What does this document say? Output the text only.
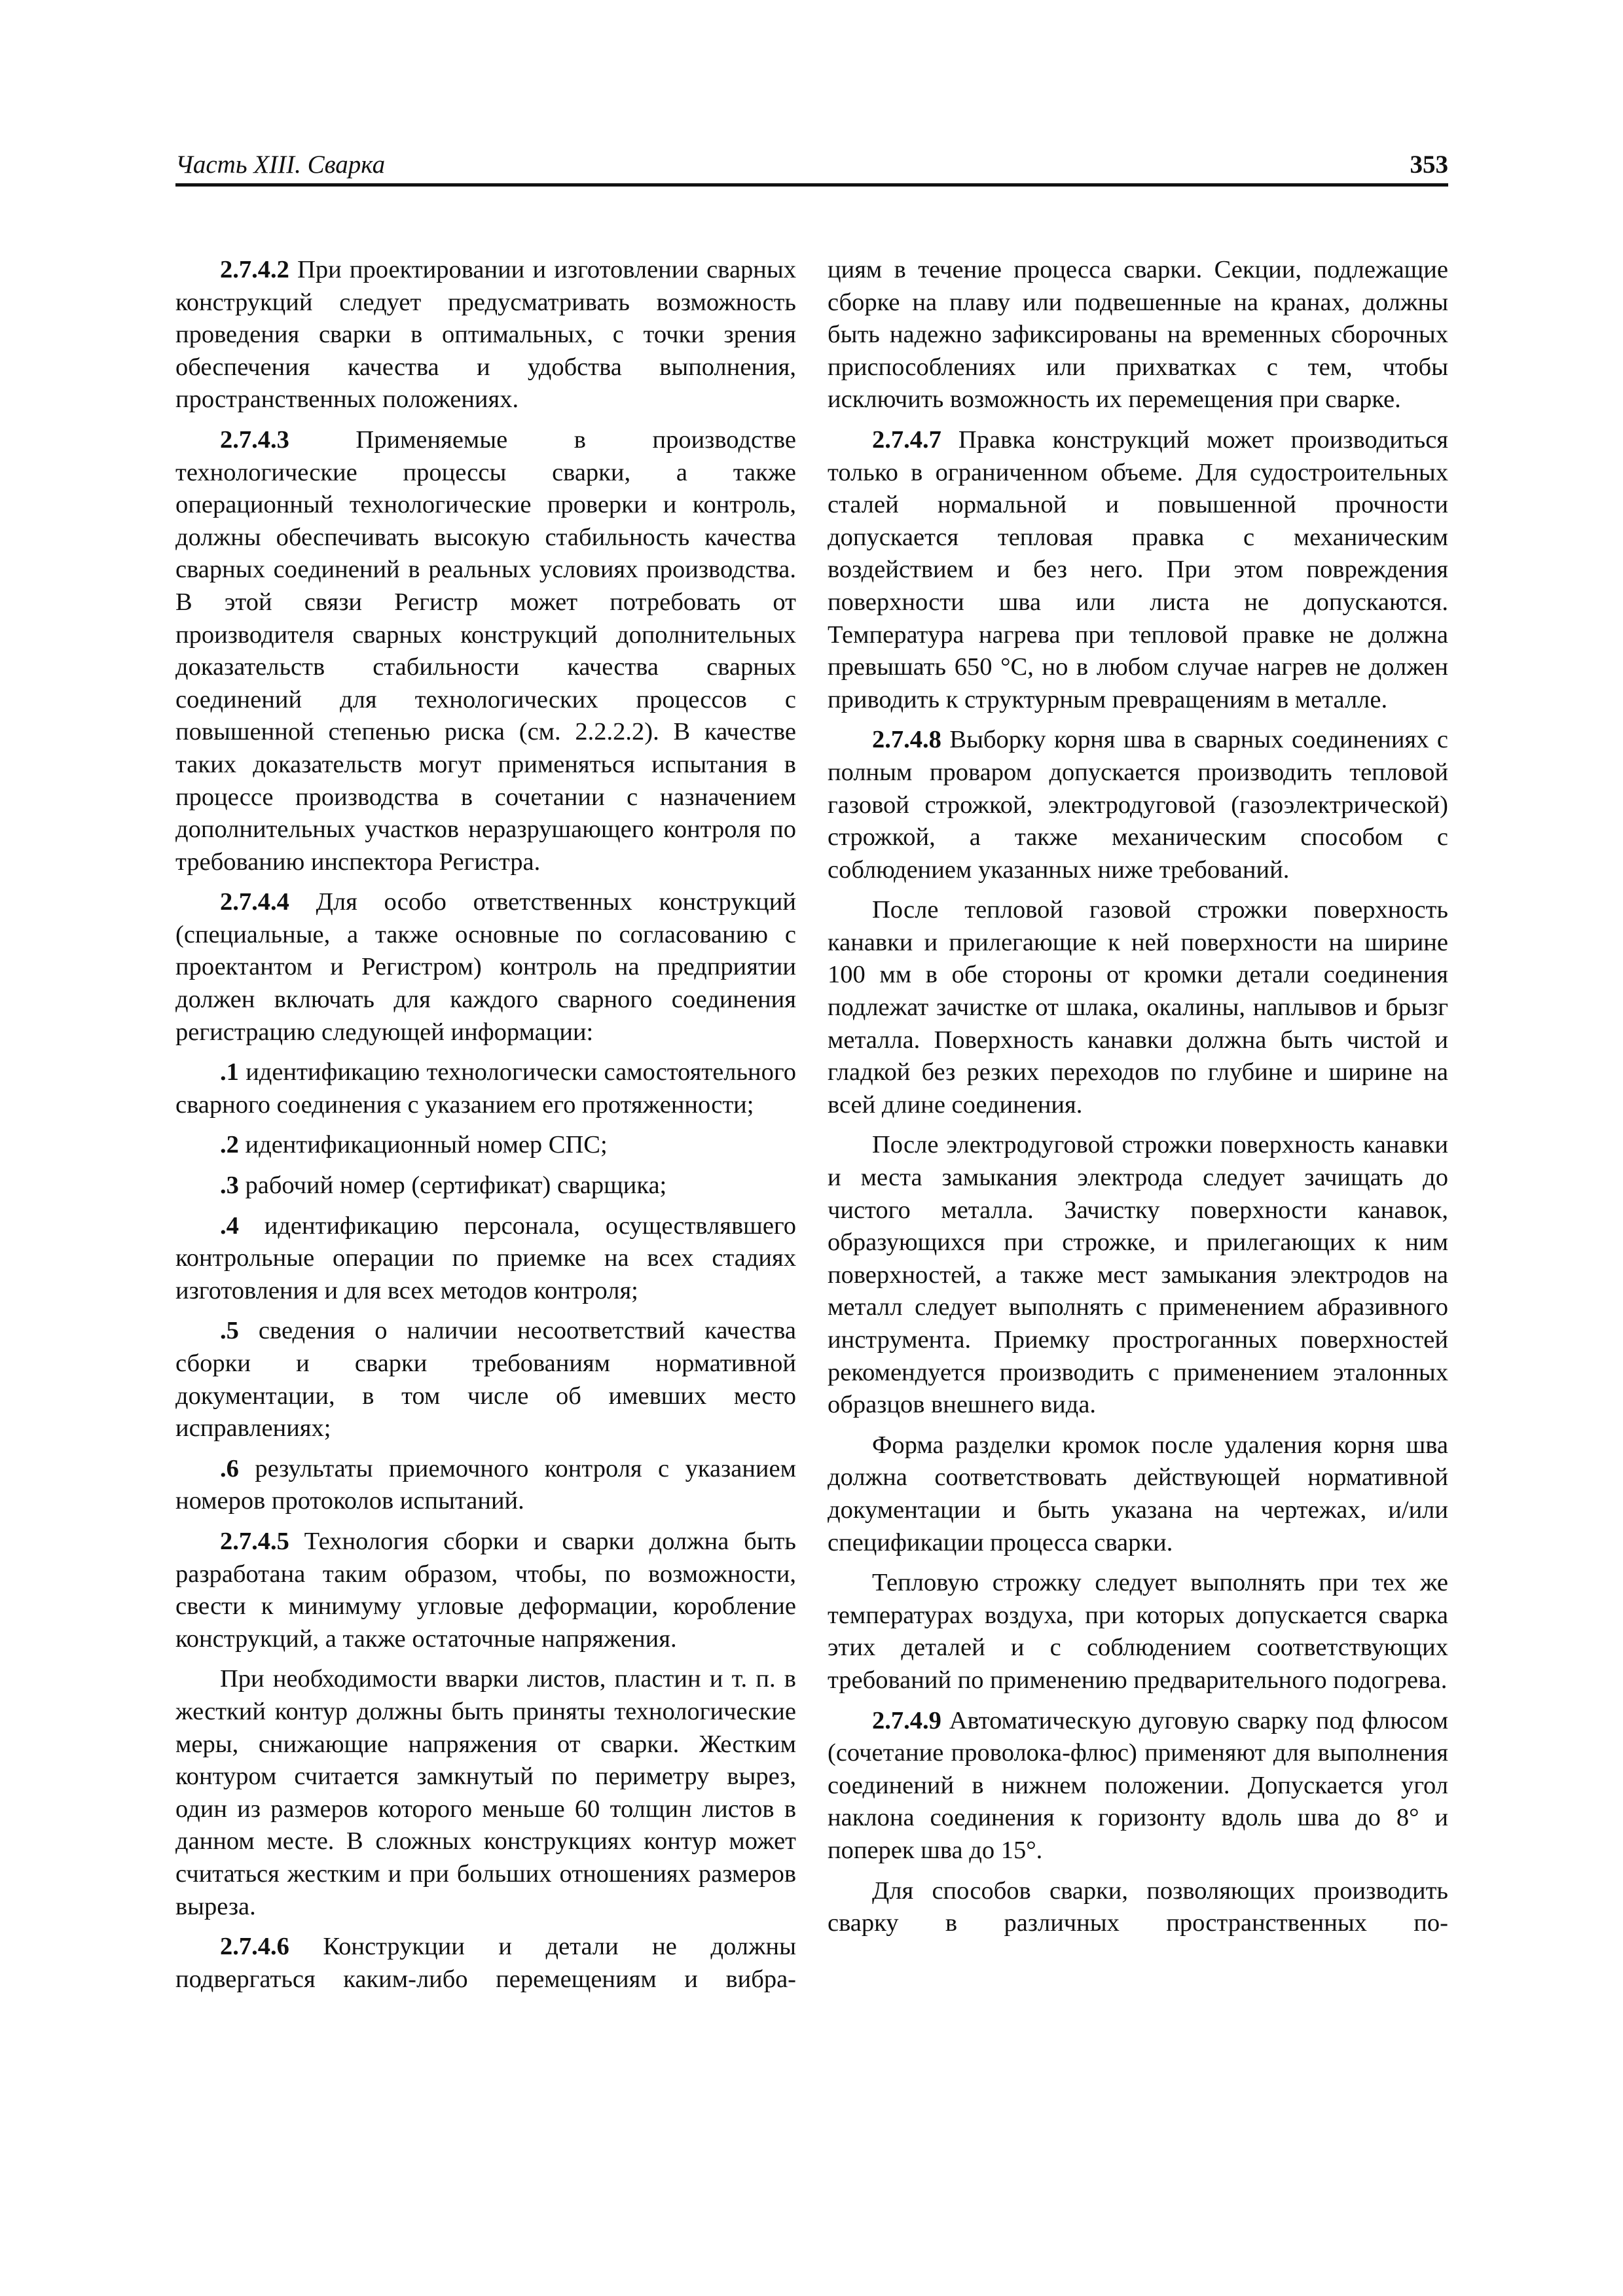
Часть XIII. Сварка	353

2.7.4.2 При проектировании и изготовлении сварных конструкций следует предусматривать возможность проведения сварки в оптимальных, с точки зрения обеспечения качества и удобства выполнения, пространственных положениях.

2.7.4.3 Применяемые в производстве технологические процессы сварки, а также операционный технологические проверки и контроль, должны обеспечивать высокую стабильность качества сварных соединений в реальных условиях производства. В этой связи Регистр может потребовать от производителя сварных конструкций дополнительных доказательств стабильности качества сварных соединений для технологических процессов с повышенной степенью риска (см. 2.2.2.2). В качестве таких доказательств могут применяться испытания в процессе производства в сочетании с назначением дополнительных участков неразрушающего контроля по требованию инспектора Регистра.

2.7.4.4 Для особо ответственных конструкций (специальные, а также основные по согласованию с проектантом и Регистром) контроль на предприятии должен включать для каждого сварного соединения регистрацию следующей информации:

.1 идентификацию технологически самостоятельного сварного соединения с указанием его протяженности;

.2 идентификационный номер СПС;

.3 рабочий номер (сертификат) сварщика;

.4 идентификацию персонала, осуществлявшего контрольные операции по приемке на всех стадиях изготовления и для всех методов контроля;

.5 сведения о наличии несоответствий качества сборки и сварки требованиям нормативной документации, в том числе об имевших место исправлениях;

.6 результаты приемочного контроля с указанием номеров протоколов испытаний.

2.7.4.5 Технология сборки и сварки должна быть разработана таким образом, чтобы, по возможности, свести к минимуму угловые деформации, коробление конструкций, а также остаточные напряжения.

При необходимости вварки листов, пластин и т. п. в жесткий контур должны быть приняты технологические меры, снижающие напряжения от сварки. Жестким контуром считается замкнутый по периметру вырез, один из размеров которого меньше 60 толщин листов в данном месте. В сложных конструкциях контур может считаться жестким и при больших отношениях размеров выреза.

2.7.4.6 Конструкции и детали не должны подвергаться каким-либо перемещениям и вибра-

циям в течение процесса сварки. Секции, подлежащие сборке на плаву или подвешенные на кранах, должны быть надежно зафиксированы на временных сборочных приспособлениях или прихватках с тем, чтобы исключить возможность их перемещения при сварке.

2.7.4.7 Правка конструкций может производиться только в ограниченном объеме. Для судостроительных сталей нормальной и повышенной прочности допускается тепловая правка с механическим воздействием и без него. При этом повреждения поверхности шва или листа не допускаются. Температура нагрева при тепловой правке не должна превышать 650 °С, но в любом случае нагрев не должен приводить к структурным превращениям в металле.

2.7.4.8 Выборку корня шва в сварных соединениях с полным проваром допускается производить тепловой газовой строжкой, электродуговой (газоэлектрической) строжкой, а также механическим способом с соблюдением указанных ниже требований.

После тепловой газовой строжки поверхность канавки и прилегающие к ней поверхности на ширине 100 мм в обе стороны от кромки детали соединения подлежат зачистке от шлака, окалины, наплывов и брызг металла. Поверхность канавки должна быть чистой и гладкой без резких переходов по глубине и ширине на всей длине соединения.

После электродуговой строжки поверхность канавки и места замыкания электрода следует зачищать до чистого металла. Зачистку поверхности канавок, образующихся при строжке, и прилегающих к ним поверхностей, а также мест замыкания электродов на металл следует выполнять с применением абразивного инструмента. Приемку простроганных поверхностей рекомендуется производить с применением эталонных образцов внешнего вида.

Форма разделки кромок после удаления корня шва должна соответствовать действующей нормативной документации и быть указана на чертежах, и/или спецификации процесса сварки.

Тепловую строжку следует выполнять при тех же температурах воздуха, при которых допускается сварка этих деталей и с соблюдением соответствующих требований по применению предварительного подогрева.

2.7.4.9 Автоматическую дуговую сварку под флюсом (сочетание проволока-флюс) применяют для выполнения соединений в нижнем положении. Допускается угол наклона соединения к горизонту вдоль шва до 8° и поперек шва до 15°.

Для способов сварки, позволяющих производить сварку в различных пространственных по-
